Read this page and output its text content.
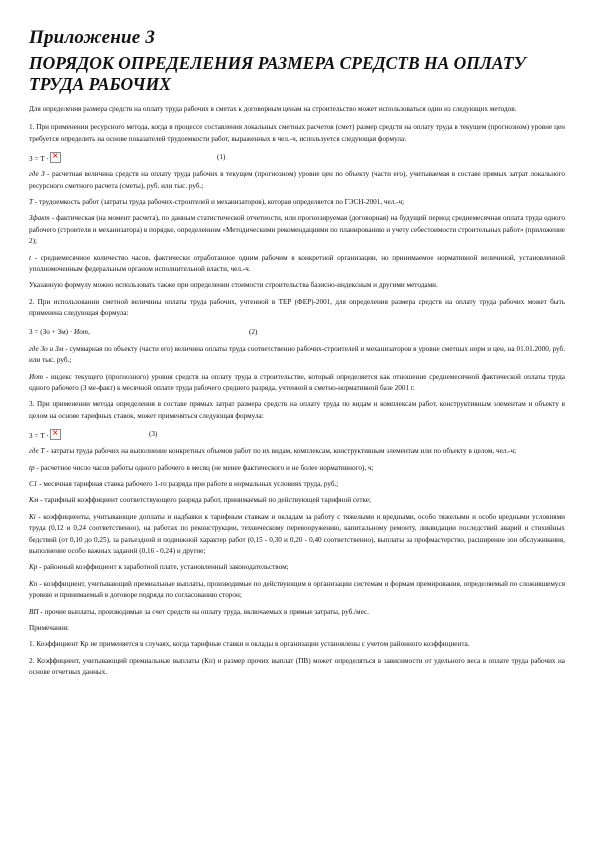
Приложение 3
ПОРЯДОК ОПРЕДЕЛЕНИЯ РАЗМЕРА СРЕДСТВ НА ОПЛАТУ ТРУДА РАБОЧИХ

Для определения размера средств на оплату труда рабочих в сметах к договорным ценам на строительство может использоваться один из следующих методов.

1. При применении ресурсного метода, когда в процессе составления локальных сметных расчетов (смет) размер средств на оплату труда в текущем (прогнозном) уровне цен требуется определить на основе показателей трудоемкости работ, выраженных в чел.-ч, используется следующая формула:

З = Т · ×	(1)

где З - расчетная величина средств на оплату труда рабочих в текущем (прогнозном) уровне цен по объекту (части его), учитываемая в составе прямых затрат локального ресурсного сметного расчета (сметы), руб. или тыс. руб.;

Т - трудоемкость работ (затраты труда рабочих-строителей и механизаторов), которая определяется по ГЭСН-2001, чел.-ч;

Зфакт - фактическая (на момент расчета), по данным статистической отчетности, или прогнозируемая (договорная) на будущий период среднемесячная оплата труда одного рабочего (строителя и механизатора) в порядке, определенном «Методическими рекомендациями по планированию и учету себестоимости строительных работ» (приложение 2);

t - среднемесячное количество часов, фактически отработанное одним рабочим в конкретной организации, но принимаемое нормативной величиной, установленной уполномоченным федеральным органом исполнительной власти, чел.-ч.

Указанную формулу можно использовать также при определении стоимости строительства базисно-индексным и другими методами.

2. При использовании сметной величины оплаты труда рабочих, учтенной в ТЕР (ФЕР)-2001, для определения размера средств на оплату труда рабочих может быть применена следующая формула:

З = (Зо + Зм) · Иот,	(2)

где Зо и Зм - суммарная по объекту (части его) величина оплаты труда соответственно рабочих-строителей и механизаторов в уровне сметных норм и цен, на 01.01.2000, руб. или тыс. руб.;

Иот - индекс текущего (прогнозного) уровня средств на оплату труда в строительстве, который определяется как отношение среднемесячной фактической оплаты труда одного рабочего (З ме-факт) к месячной оплате труда рабочего среднего разряда, учтенной в сметно-нормативной базе 2001 г.

3. При применении метода определения в составе прямых затрат размера средств на оплату труда по видам и комплексам работ, конструктивным элементам и объекту в целом на основе тарифных ставок, может применяться следующая формула:

З = Т · ×	(3)

где Т - затраты труда рабочих на выполнение конкретных объемов работ по их видам, комплексам, конструктивным элементам или по объекту в целом, чел.-ч;

tр - расчетное число часов работы одного рабочего в месяц (не менее фактического и не более нормативного), ч;

С1 - месячная тарифная ставка рабочего 1-го разряда при работе в нормальных условиях труда, руб.;

Км - тарифный коэффициент соответствующего разряда работ, принимаемый по действующей тарифной сетке;

Кi - коэффициенты, учитывающие доплаты и надбавки к тарифным ставкам и окладам за работу с тяжелыми и вредными, особо тяжелыми и особо вредными условиями труда (0,12 и 0,24 соответственно), на работах по реконструкции, техническому перевооружению, капитальному ремонту, ликвидации последствий аварий и стихийных бедствий (от 0,10 до 0,25), за разъездной и подвижной характер работ (0,15 - 0,30 и 0,20 - 0,40 соответственно), выплаты за профмастерство, расширение зон обслуживания, выполнение особо важных заданий (0,16 - 0,24) и другие;

Кр - районный коэффициент к заработной плате, установленный законодательством;

Кп - коэффициент, учитывающий премиальные выплаты, производимые по действующим в организации системам и формам премирования, определяемый по сложившемуся уровню и принимаемый в договоре подряда по согласованию сторон;

ВП - прочие выплаты, производимые за счет средств на оплату труда, включаемых в прямые затраты, руб./мес.

Примечания:

1. Коэффициент Кр не применяется в случаях, когда тарифные ставки и оклады в организации установлены с учетом районного коэффициента.

2. Коэффициент, учитывающий премиальные выплаты (Кп) и размер прочих выплат (ПВ) может определяться в зависимости от удельного веса в оплате труда рабочих на основе отчетных данных.
